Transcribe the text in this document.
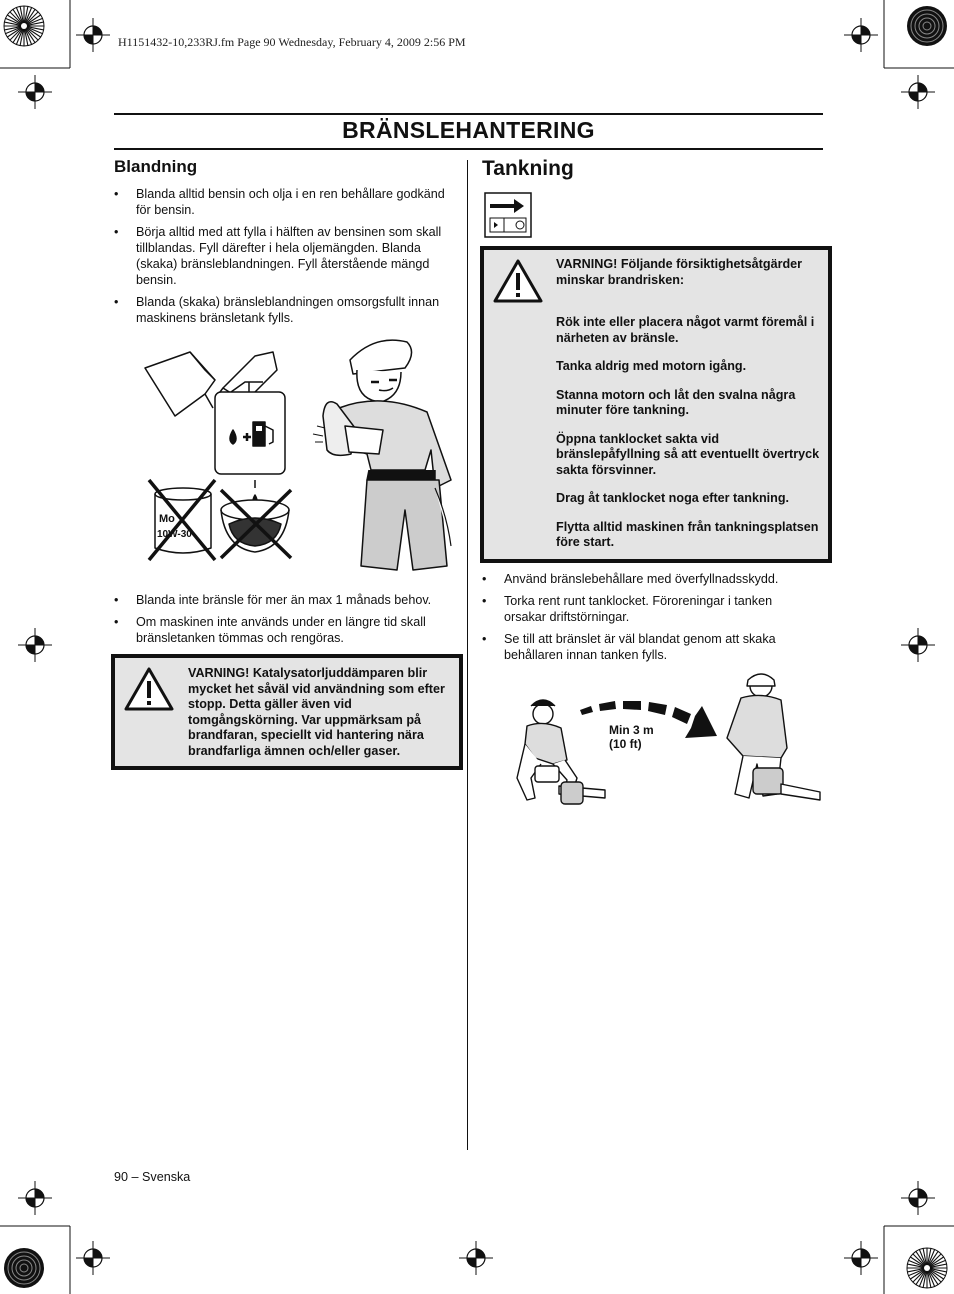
H1151432-10,233RJ.fm Page 90 Wednesday, February 4, 2009 2:56 PM
BRÄNSLEHANTERING
Blandning
• Blanda alltid bensin och olja i en ren behållare godkänd för bensin.
• Börja alltid med att fylla i hälften av bensinen som skall tillblandas. Fyll därefter i hela oljemängden. Blanda (skaka) bränsleblandningen. Fyll återstående mängd bensin.
• Blanda (skaka) bränsleblandningen omsorgsfullt innan maskinens bränsletank fylls.
Mo
10W-30
• Blanda inte bränsle för mer än max 1 månads behov.
• Om maskinen inte används under en längre tid skall bränsletanken tömmas och rengöras.
VARNING! Katalysatorljuddämparen blir mycket het såväl vid användning som efter stopp. Detta gäller även vid tomgångskörning. Var uppmärksam på brandfaran, speciellt vid hantering nära brandfarliga ämnen och/eller gaser.
Tankning

VARNING! Följande försiktighetsåtgärder minskar brandrisken:

Rök inte eller placera något varmt föremål i närheten av bränsle.

Tanka aldrig med motorn igång.

Stanna motorn och låt den svalna några minuter före tankning.

Öppna tanklocket sakta vid bränslepåfyllning så att eventuellt övertryck sakta försvinner.

Drag åt tanklocket noga efter tankning.

Flytta alltid maskinen från tankningsplatsen före start.

• Använd bränslebehållare med överfyllnadsskydd.
• Torka rent runt tanklocket. Föroreningar i tanken orsakar driftstörningar.
• Se till att bränslet är väl blandat genom att skaka behållaren innan tanken fylls.
Min 3 m
(10 ft)
90 – Svenska
